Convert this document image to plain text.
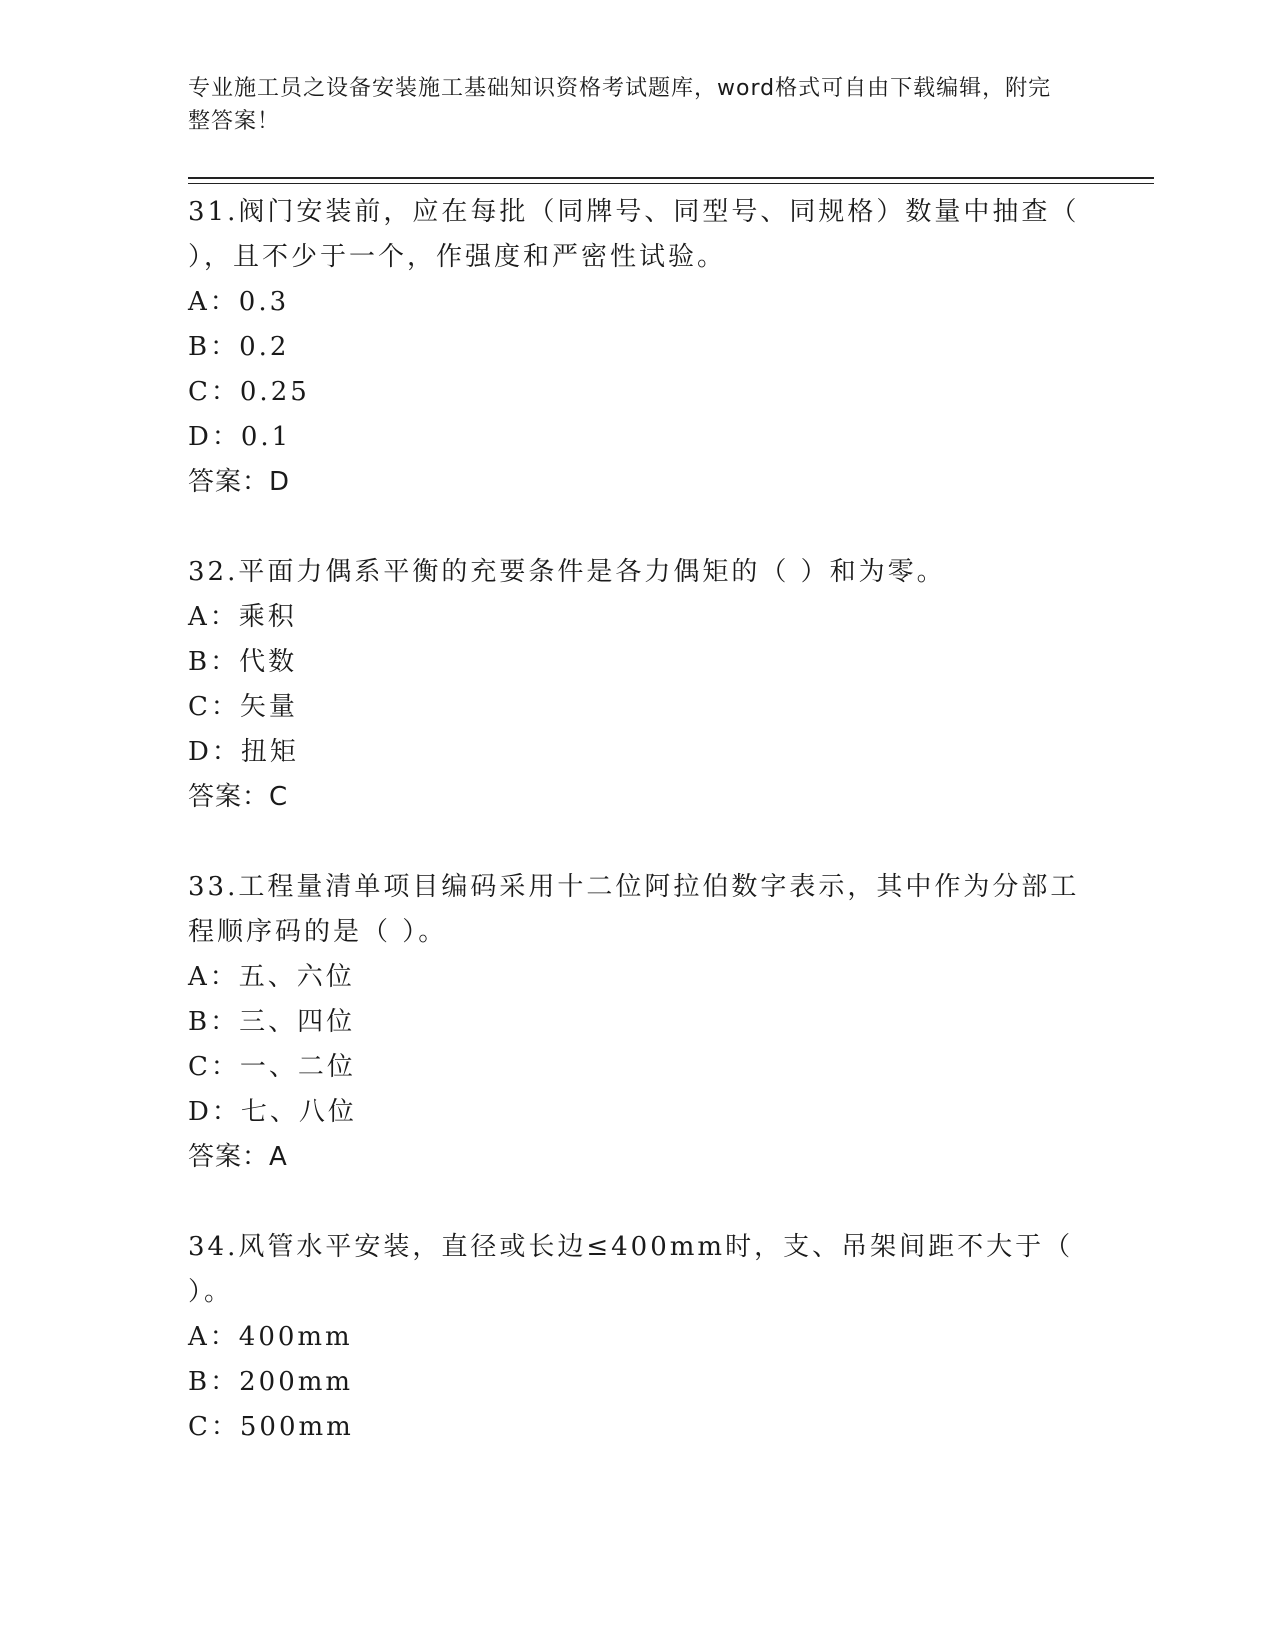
专业施工员之设备安装施工基础知识资格考试题库，word格式可自由下载编辑，附完整答案！

31.阀门安装前，应在每批（同牌号、同型号、同规格）数量中抽查（ ），且不少于一个，作强度和严密性试验。

A：0.3

B：0.2

C：0.25

D：0.1

答案：D

32.平面力偶系平衡的充要条件是各力偶矩的（ ）和为零。

A：乘积

B：代数

C：矢量

D：扭矩

答案：C

33.工程量清单项目编码采用十二位阿拉伯数字表示，其中作为分部工程顺序码的是（ ）。

A：五、六位

B：三、四位

C：一、二位

D：七、八位

答案：A

34.风管水平安装，直径或长边≤400mm时，支、吊架间距不大于（ ）。

A：400mm

B：200mm

C：500mm
